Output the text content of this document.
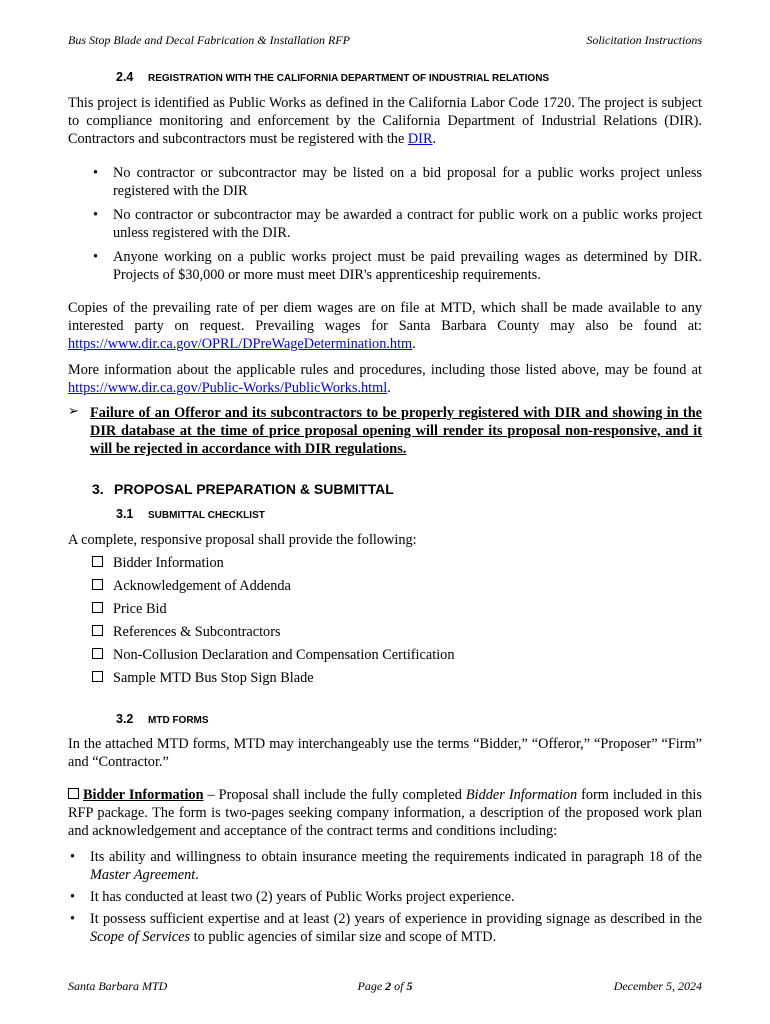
Bus Stop Blade and Decal Fabrication & Installation RFP	Solicitation Instructions
2.4 REGISTRATION WITH THE CALIFORNIA DEPARTMENT OF INDUSTRIAL RELATIONS

This project is identified as Public Works as defined in the California Labor Code 1720. The project is subject to compliance monitoring and enforcement by the California Department of Industrial Relations (DIR). Contractors and subcontractors must be registered with the DIR.

• No contractor or subcontractor may be listed on a bid proposal for a public works project unless registered with the DIR
• No contractor or subcontractor may be awarded a contract for public work on a public works project unless registered with the DIR.
• Anyone working on a public works project must be paid prevailing wages as determined by DIR. Projects of $30,000 or more must meet DIR's apprenticeship requirements.

Copies of the prevailing rate of per diem wages are on file at MTD, which shall be made available to any interested party on request. Prevailing wages for Santa Barbara County may also be found at: https://www.dir.ca.gov/OPRL/DPreWageDetermination.htm.

More information about the applicable rules and procedures, including those listed above, may be found at https://www.dir.ca.gov/Public-Works/PublicWorks.html.

➢ Failure of an Offeror and its subcontractors to be properly registered with DIR and showing in the DIR database at the time of price proposal opening will render its proposal non-responsive, and it will be rejected in accordance with DIR regulations.
3. PROPOSAL PREPARATION & SUBMITTAL
3.1 SUBMITTAL CHECKLIST

A complete, responsive proposal shall provide the following:

Bidder Information
Acknowledgement of Addenda
Price Bid
References & Subcontractors
Non-Collusion Declaration and Compensation Certification
Sample MTD Bus Stop Sign Blade
3.2 MTD FORMS

In the attached MTD forms, MTD may interchangeably use the terms “Bidder,” “Offeror,” “Proposer” “Firm” and “Contractor.”

Bidder Information – Proposal shall include the fully completed Bidder Information form included in this RFP package. The form is two-pages seeking company information, a description of the proposed work plan and acknowledgement and acceptance of the contract terms and conditions including:

• Its ability and willingness to obtain insurance meeting the requirements indicated in paragraph 18 of the Master Agreement.
• It has conducted at least two (2) years of Public Works project experience.
• It possess sufficient expertise and at least (2) years of experience in providing signage as described in the Scope of Services to public agencies of similar size and scope of MTD.
Santa Barbara MTD	Page 2 of 5	December 5, 2024
